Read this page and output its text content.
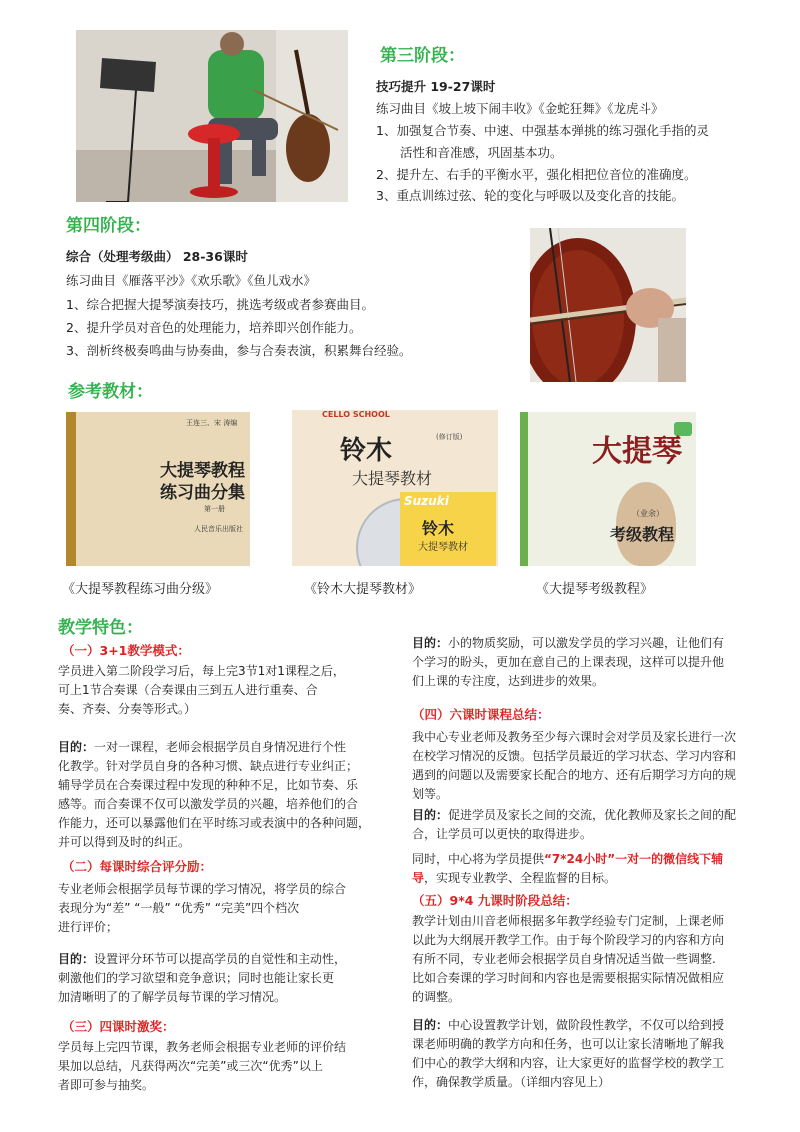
第三阶段：
技巧提升 19-27课时
练习曲目《坡上坡下闹丰收》《金蛇狂舞》《龙虎斗》
1、加强复合节奏、中速、中强基本弹挑的练习强化手指的灵
活性和音准感，巩固基本功。
2、提升左、右手的平衡水平，强化相把位音位的准确度。
3、重点训练过弦、轮的变化与呼吸以及变化音的技能。
第四阶段：
综合（处理考级曲） 28-36课时
练习曲目《雁落平沙》《欢乐歌》《鱼儿戏水》
1、综合把握大提琴演奏技巧，挑选考级或者参赛曲目。
2、提升学员对音色的处理能力，培养即兴创作能力。
3、剖析终极奏鸣曲与协奏曲，参与合奏表演，积累舞台经验。
参考教材：
王连三、宋 涛编
大提琴教程
练习曲分集
第一册
人民音乐出版社
《大提琴教程练习曲分级》
CELLO SCHOOL
铃木	(修订版)
大提琴教材
Suzuki
铃木
大提琴教材
《铃木大提琴教材》
大提琴
（业余）
考级教程
《大提琴考级教程》
教学特色：
（一）3+1教学模式：
学员进入第二阶段学习后，每上完3节1对1课程之后，
可上1节合奏课（合奏课由三到五人进行重奏、合
奏、齐奏、分奏等形式。）
目的：一对一课程，老师会根据学员自身情况进行个性
化教学。针对学员自身的各种习惯、缺点进行专业纠正；
辅导学员在合奏课过程中发现的种种不足，比如节奏、乐
感等。而合奏课不仅可以激发学员的兴趣，培养他们的合
作能力，还可以暴露他们在平时练习或表演中的各种问题，
并可以得到及时的纠正。
（二）每课时综合评分励：
专业老师会根据学员每节课的学习情况，将学员的综合
表现分为“差” “一般” “优秀” “完美”四个档次
进行评价；
目的：设置评分环节可以提高学员的自觉性和主动性，
刺激他们的学习欲望和竞争意识；同时也能让家长更
加清晰明了的了解学员每节课的学习情况。
（三）四课时激奖：
学员每上完四节课，教务老师会根据专业老师的评价结
果加以总结，凡获得两次“完美”或三次“优秀”以上
者即可参与抽奖。
目的：小的物质奖励，可以激发学员的学习兴趣，让他们有
个学习的盼头，更加在意自己的上课表现，这样可以提升他
们上课的专注度，达到进步的效果。
（四）六课时课程总结：
我中心专业老师及教务至少每六课时会对学员及家长进行一次
在校学习情况的反馈。包括学员最近的学习状态、学习内容和
遇到的问题以及需要家长配合的地方、还有后期学习方向的规
划等。
目的：促进学员及家长之间的交流，优化教师及家长之间的配
合，让学员可以更快的取得进步。
同时，中心将为学员提供“7*24小时”一对一的微信线下辅
导，实现专业教学、全程监督的目标。
（五）9*4 九课时阶段总结：
教学计划由川音老师根据多年教学经验专门定制，上课老师
以此为大纲展开教学工作。由于每个阶段学习的内容和方向
有所不同，专业老师会根据学员自身情况适当做一些调整.
比如合奏课的学习时间和内容也是需要根据实际情况做相应
的调整。
目的：中心设置教学计划，做阶段性教学，不仅可以给到授
课老师明确的教学方向和任务，也可以让家长清晰地了解我
们中心的教学大纲和内容，让大家更好的监督学校的教学工
作，确保教学质量。（详细内容见上）
